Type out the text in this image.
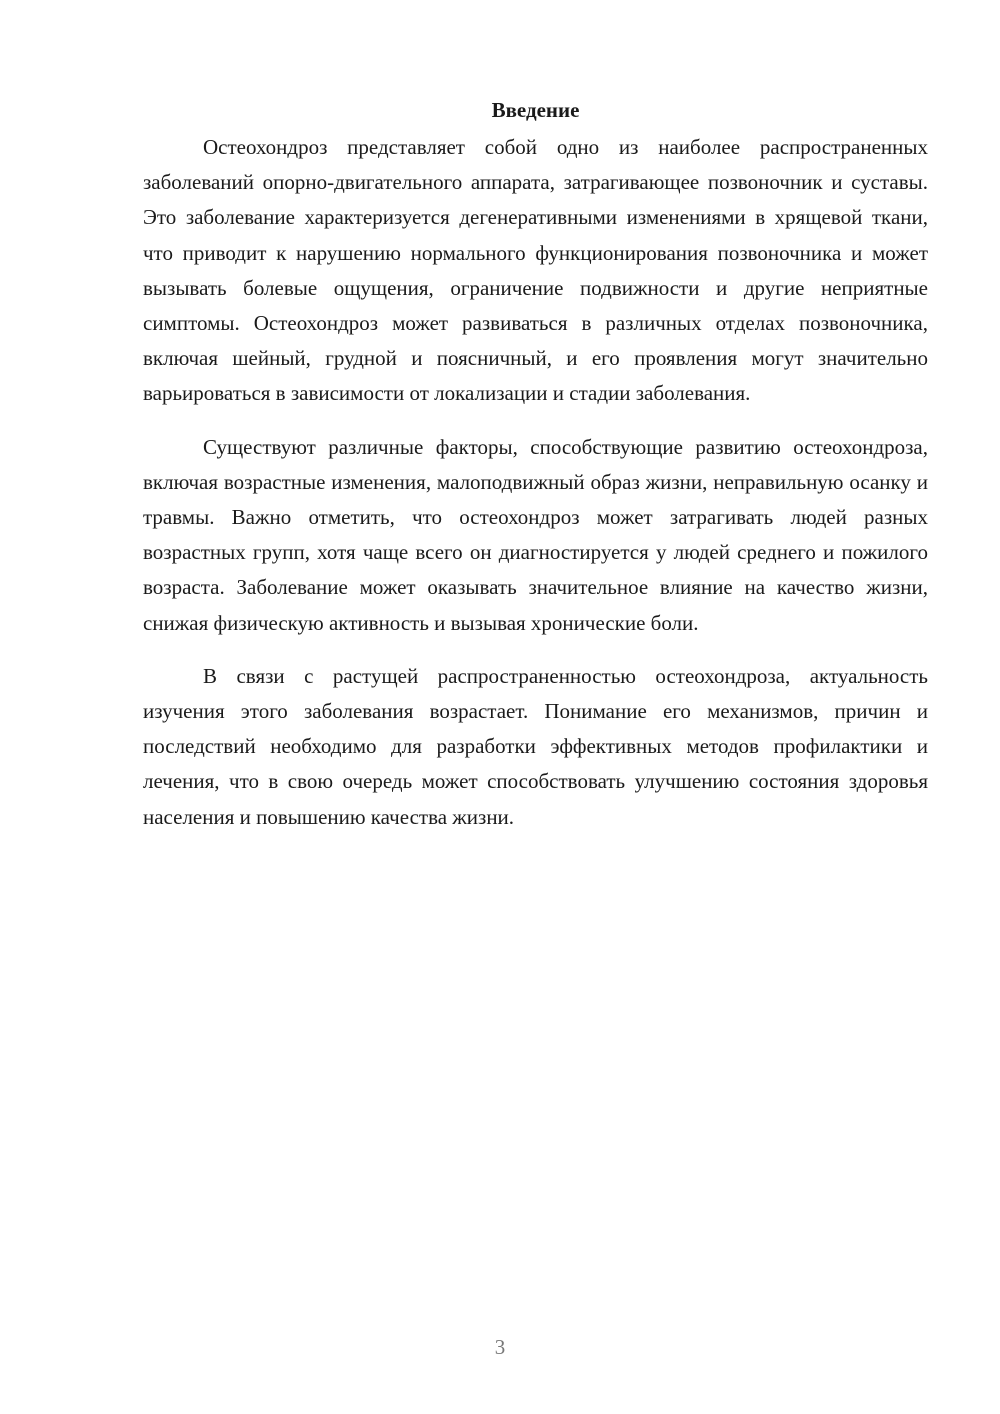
Введение

Остеохондроз представляет собой одно из наиболее распространенных заболеваний опорно-двигательного аппарата, затрагивающее позвоночник и суставы. Это заболевание характеризуется дегенеративными изменениями в хрящевой ткани, что приводит к нарушению нормального функционирования позвоночника и может вызывать болевые ощущения, ограничение подвижности и другие неприятные симптомы. Остеохондроз может развиваться в различных отделах позвоночника, включая шейный, грудной и поясничный, и его проявления могут значительно варьироваться в зависимости от локализации и стадии заболевания.

Существуют различные факторы, способствующие развитию остеохондроза, включая возрастные изменения, малоподвижный образ жизни, неправильную осанку и травмы. Важно отметить, что остеохондроз может затрагивать людей разных возрастных групп, хотя чаще всего он диагностируется у людей среднего и пожилого возраста. Заболевание может оказывать значительное влияние на качество жизни, снижая физическую активность и вызывая хронические боли.

В связи с растущей распространенностью остеохондроза, актуальность изучения этого заболевания возрастает. Понимание его механизмов, причин и последствий необходимо для разработки эффективных методов профилактики и лечения, что в свою очередь может способствовать улучшению состояния здоровья населения и повышению качества жизни.

3
